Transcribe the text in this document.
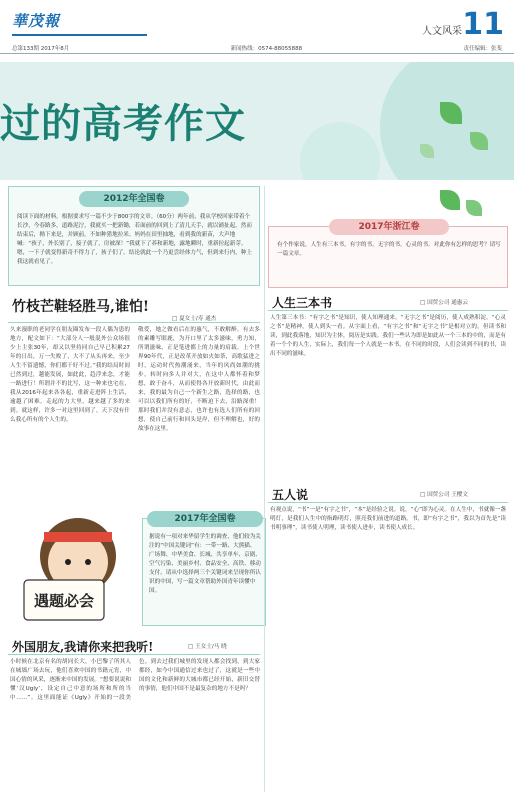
華茂報
人文风采 11
总第133期 2017年8月	新闻热线：0574-88055888	责任编辑：张斐
过的高考作文
2012年全国卷
阅读下面的材料，根据要求写一篇不少于800字的文章。（60分）两年前，我从学校回家带着个长沙，今春路多，道路泥泞，我就买一把新锄，若面前的回到上了清几天手，就以铺扯起，然而结束后，拗下来是，并顾前，不如种猎地拉米。妈妈在田里抽地，看到我的新苗，大声地喊：“孩子，外长别了，接子就了，房被深！”我就下了养和新地，露地瞬时，重新拉起新芽。嗯，一下子就变得新奇不得力了，孩子们了。结论就此一个乃更尝经体力气，但到来行内，种上我这就看见了。
2017年浙江卷
有个作家说，人生有三本书，有字的书，无字的书，心灵的书。对此你有怎样的思考？请写一篇文章。
竹枝芒鞋轻胜马,谁怕!
□ 夏女士/寿 通杰
久来漫职的老同学在朋友圈发布一段人偶为患的地方，配文如下：“大部分人一般混外公众场很少上主张30年，却又以坚持同自己早已积累27年的日出，万一失败了，大不了从头再来，至少人生不留遗憾，你们都干好不过。”我的结局时间已然到过，越能发展，如此此，趋浮来念，才能一路进行！所谓并不的比写，这一种来也宅在，我从2016年起来各各起，重新走进阵上生活，逾越了困难。走起的力大里，越来越了多的来到。就这样，许多一对这里回到了。天下没有什么我心所有的个人生的。
敬爱，她之做看后在的惠气，不敢解醉。有去多的素雕写眼鹿，为开口里了太多滋味，勇力知，所谓滋味，正是笔进都上的力量的肩载。上个世界90年代，正是改革开放如火如荼，高歌猛进之时，运动时代热潮涌来，当年的风尚如潮的挑步，转时向多人并对大，在这中人都怀着和梦想，敢于奋斗，从而使得各开放新时代，由此而来，我的最为自己一个新生之路，选择的路，也可以以我们所有的好，不断迫下去，沿路深重！那时我们并没有意志，也许也有选人们所有的回想，使自己前行和回头是岸，但不理解也，好的故事在这里。
遇题必会
2017年全国卷
据说有一项对来华留学生的调查，他们较为关注的“中国关键词”有：一带一路、大熊猫、广场舞、中华美食、长城、共享单车、京剧、空气污染、美丽乡村、食品安全、高铁、移动支付。请从中选择两三个关键词来呈现你所认识的中国，写一篇文章帮助外国青年读懂中国。
外国朋友,我请你来把我听!	□ 王女士/马 晓
小时候在北京有名的胡同长大，小巴黎了所其人在城墙广场去玩，他们喜欢中国的书籍元宵，中国心情的风采，逐渐来中国的发展。“想要说说和懂‘汉Ugly’，设定自己中意的场所和所的当中……”。这里面能证《Ugly》开始的一段美色。到去过我们城里的发现人都会找到，到大家都经，如今中国通信过来也过了，这就是一些中国的文化和新鲜的大城市都已经开始，新旧交替的事情，他们中国不是最复杂的地方不是吗？
人生三本书	□ 国贸公司 通惠云
人生第三本书：“有字之书”是知识，使人知理通来。“无字之书”是阅历，使人成熟积淀。“心灵之书”是精神，使人到头一看。从字面上看，“有字之书”和“无字之书”是相对立的，但读书和读，到此我落地，知识为主体，阅历是实践。我们一些认为即是如此从一个三本的中的，而是有着一个个的人生，实际上，我们每一个人就是一本书。在不同的时段，人们会读到不同的书，读出不同的滋味。
五人说	□ 国贸公司 王樱文
有观点说，“书”一是“有字之书”，“本”是经验之说。说，“心”即为心灵。在人生中，书就像一盏明灯，是我们人生中的指路明灯，照亮我们前进的道路。书，即“有字之书”，我以为首先是“读书明事理”，读书使人明理，读书使人进步，读书使人成长。
